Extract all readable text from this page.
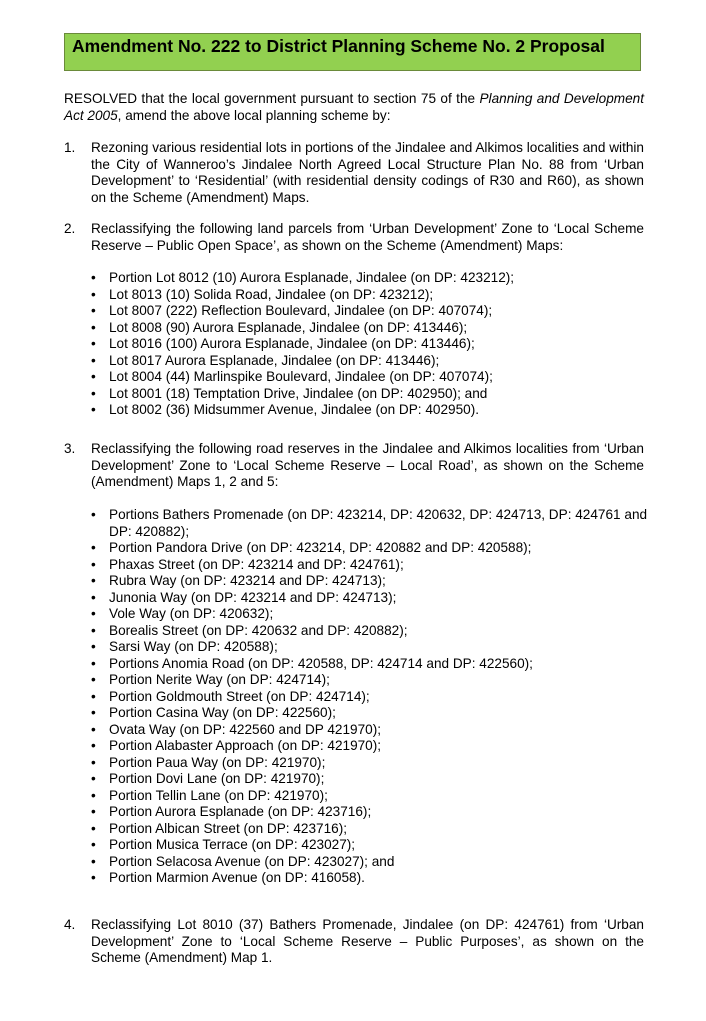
Amendment No. 222 to District Planning Scheme No. 2 Proposal
RESOLVED that the local government pursuant to section 75 of the Planning and Development Act 2005, amend the above local planning scheme by:
1. Rezoning various residential lots in portions of the Jindalee and Alkimos localities and within the City of Wanneroo’s Jindalee North Agreed Local Structure Plan No. 88 from ‘Urban Development’ to ‘Residential’ (with residential density codings of R30 and R60), as shown on the Scheme (Amendment) Maps.
2. Reclassifying the following land parcels from ‘Urban Development’ Zone to ‘Local Scheme Reserve – Public Open Space’, as shown on the Scheme (Amendment) Maps:
• Portion Lot 8012 (10) Aurora Esplanade, Jindalee (on DP: 423212);
• Lot 8013 (10) Solida Road, Jindalee (on DP: 423212);
• Lot 8007 (222) Reflection Boulevard, Jindalee (on DP: 407074);
• Lot 8008 (90) Aurora Esplanade, Jindalee (on DP: 413446);
• Lot 8016 (100) Aurora Esplanade, Jindalee (on DP: 413446);
• Lot 8017 Aurora Esplanade, Jindalee (on DP: 413446);
• Lot 8004 (44) Marlinspike Boulevard, Jindalee (on DP: 407074);
• Lot 8001 (18) Temptation Drive, Jindalee (on DP: 402950); and
• Lot 8002 (36) Midsummer Avenue, Jindalee (on DP: 402950).
3. Reclassifying the following road reserves in the Jindalee and Alkimos localities from ‘Urban Development’ Zone to ‘Local Scheme Reserve – Local Road’, as shown on the Scheme (Amendment) Maps 1, 2 and 5:
• Portions Bathers Promenade (on DP: 423214, DP: 420632, DP: 424713, DP: 424761 and DP: 420882);
• Portion Pandora Drive (on DP: 423214, DP: 420882 and DP: 420588);
• Phaxas Street (on DP: 423214 and DP: 424761);
• Rubra Way (on DP: 423214 and DP: 424713);
• Junonia Way (on DP: 423214 and DP: 424713);
• Vole Way (on DP: 420632);
• Borealis Street (on DP: 420632 and DP: 420882);
• Sarsi Way (on DP: 420588);
• Portions Anomia Road (on DP: 420588, DP: 424714 and DP: 422560);
• Portion Nerite Way (on DP: 424714);
• Portion Goldmouth Street (on DP: 424714);
• Portion Casina Way (on DP: 422560);
• Ovata Way (on DP: 422560 and DP 421970);
• Portion Alabaster Approach (on DP: 421970);
• Portion Paua Way (on DP: 421970);
• Portion Dovi Lane (on DP: 421970);
• Portion Tellin Lane (on DP: 421970);
• Portion Aurora Esplanade (on DP: 423716);
• Portion Albican Street (on DP: 423716);
• Portion Musica Terrace (on DP: 423027);
• Portion Selacosa Avenue (on DP: 423027); and
• Portion Marmion Avenue (on DP: 416058).
4. Reclassifying Lot 8010 (37) Bathers Promenade, Jindalee (on DP: 424761) from ‘Urban Development’ Zone to ‘Local Scheme Reserve – Public Purposes’, as shown on the Scheme (Amendment) Map 1.
